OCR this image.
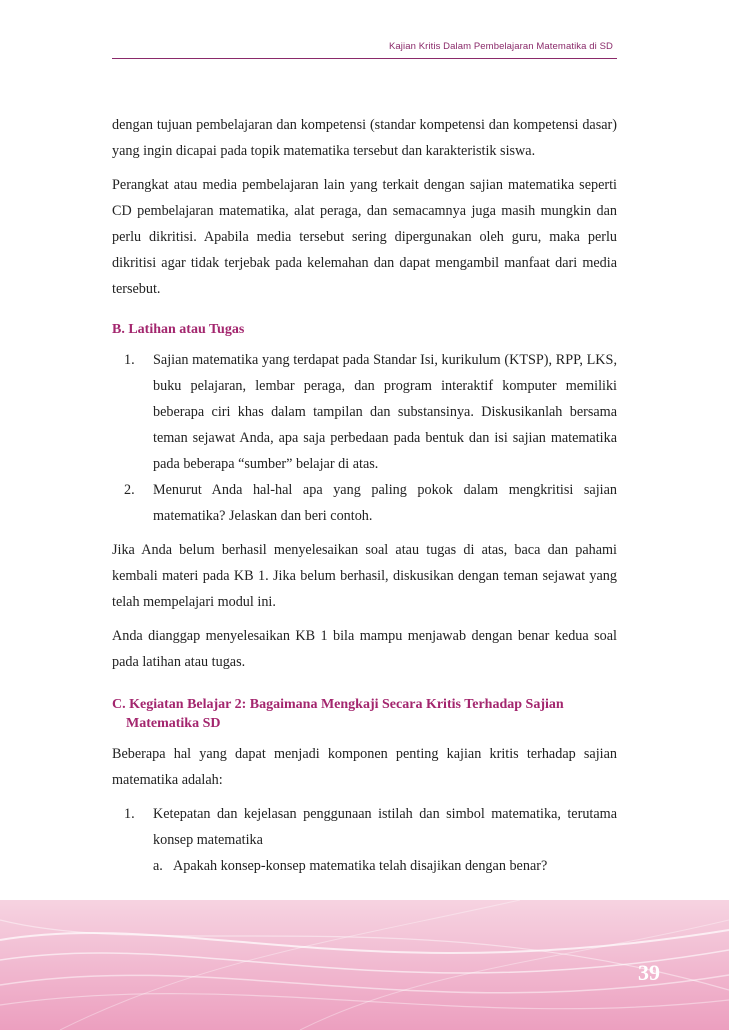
Kajian Kritis Dalam Pembelajaran Matematika di SD

dengan tujuan pembelajaran dan kompetensi (standar kompetensi dan kompetensi dasar) yang ingin dicapai pada topik matematika tersebut dan karakteristik siswa.

Perangkat atau media pembelajaran lain yang terkait dengan sajian matematika seperti CD pembelajaran matematika, alat peraga, dan semacamnya juga masih mungkin dan perlu dikritisi. Apabila media tersebut sering dipergunakan oleh guru, maka perlu dikritisi agar tidak terjebak pada kelemahan dan dapat mengambil manfaat dari media tersebut.

B. Latihan atau Tugas
1. Sajian matematika yang terdapat pada Standar Isi, kurikulum (KTSP), RPP, LKS, buku pelajaran, lembar peraga, dan program interaktif komputer memiliki beberapa ciri khas dalam tampilan dan substansinya. Diskusikanlah bersama teman sejawat Anda, apa saja perbedaan pada bentuk dan isi sajian matematika pada beberapa “sumber” belajar di atas.
2. Menurut Anda hal-hal apa yang paling pokok dalam mengkritisi sajian matematika? Jelaskan dan beri contoh.

Jika Anda belum berhasil menyelesaikan soal atau tugas di atas, baca dan pahami kembali materi pada KB 1. Jika belum berhasil, diskusikan dengan teman sejawat yang telah mempelajari modul ini.

Anda dianggap menyelesaikan KB 1 bila mampu menjawab dengan benar kedua soal pada latihan atau tugas.

C. Kegiatan Belajar 2: Bagaimana Mengkaji Secara Kritis Terhadap Sajian
Matematika SD

Beberapa hal yang dapat menjadi komponen penting kajian kritis terhadap sajian matematika adalah:

1. Ketepatan dan kejelasan penggunaan istilah dan simbol matematika, terutama konsep matematika
a. Apakah konsep-konsep matematika telah disajikan dengan benar?
39
